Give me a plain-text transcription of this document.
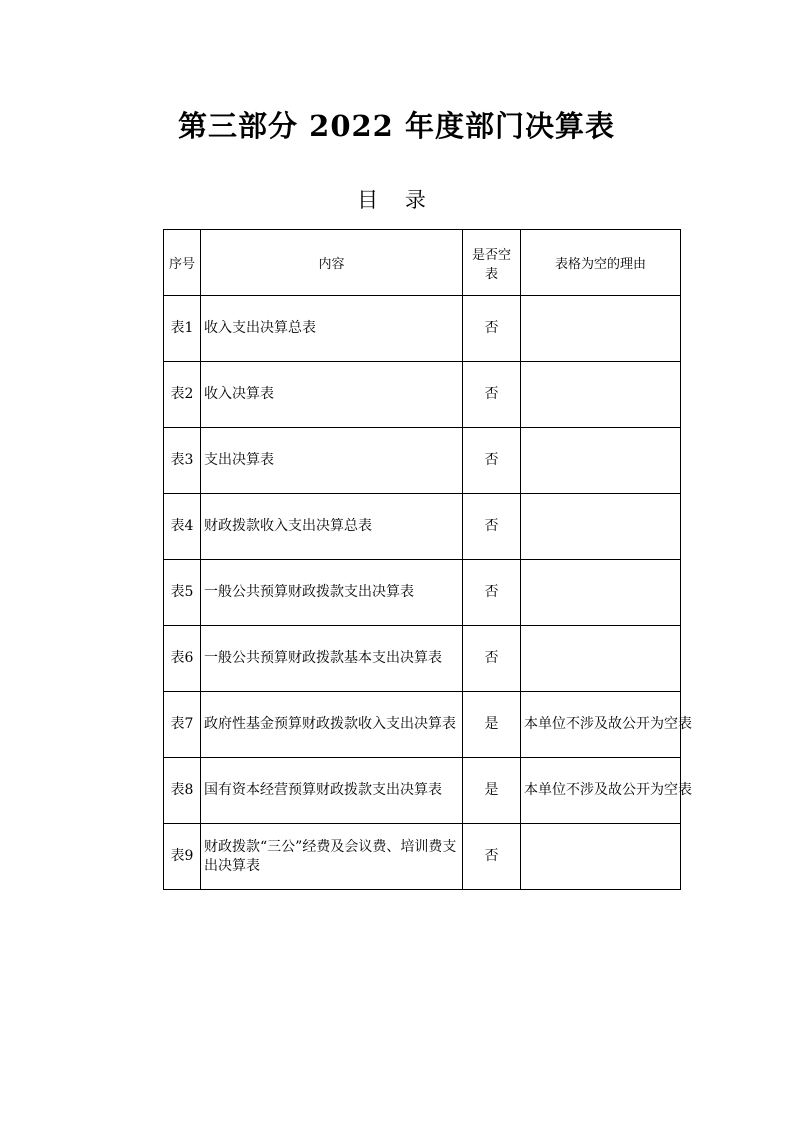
第三部分 2022 年度部门决算表
目 录
序号	内容	是否空表	表格为空的理由
表1	收入支出决算总表	否	
表2	收入决算表	否	
表3	支出决算表	否	
表4	财政拨款收入支出决算总表	否	
表5	一般公共预算财政拨款支出决算表	否	
表6	一般公共预算财政拨款基本支出决算表	否	
表7	政府性基金预算财政拨款收入支出决算表	是	本单位不涉及故公开为空表
表8	国有资本经营预算财政拨款支出决算表	是	本单位不涉及故公开为空表
表9	财政拨款“三公”经费及会议费、培训费支出决算表	否	
